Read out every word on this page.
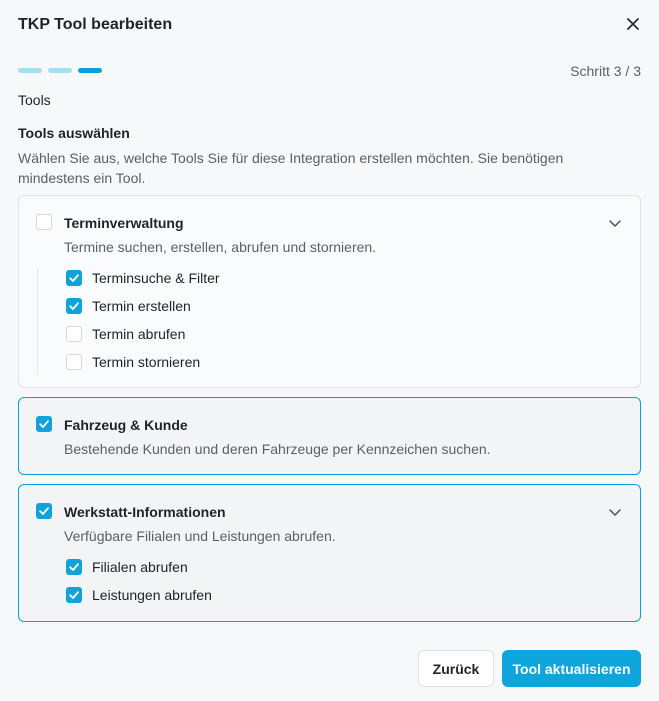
TKP Tool bearbeiten
Schritt 3 / 3
Tools
Tools auswählen
Wählen Sie aus, welche Tools Sie für diese Integration erstellen möchten. Sie benötigen mindestens ein Tool.
Terminverwaltung
Termine suchen, erstellen, abrufen und stornieren.
Terminsuche & Filter
Termin erstellen
Termin abrufen
Termin stornieren
Fahrzeug & Kunde
Bestehende Kunden und deren Fahrzeuge per Kennzeichen suchen.
Werkstatt-Informationen
Verfügbare Filialen und Leistungen abrufen.
Filialen abrufen
Leistungen abrufen
Zurück	Tool aktualisieren
